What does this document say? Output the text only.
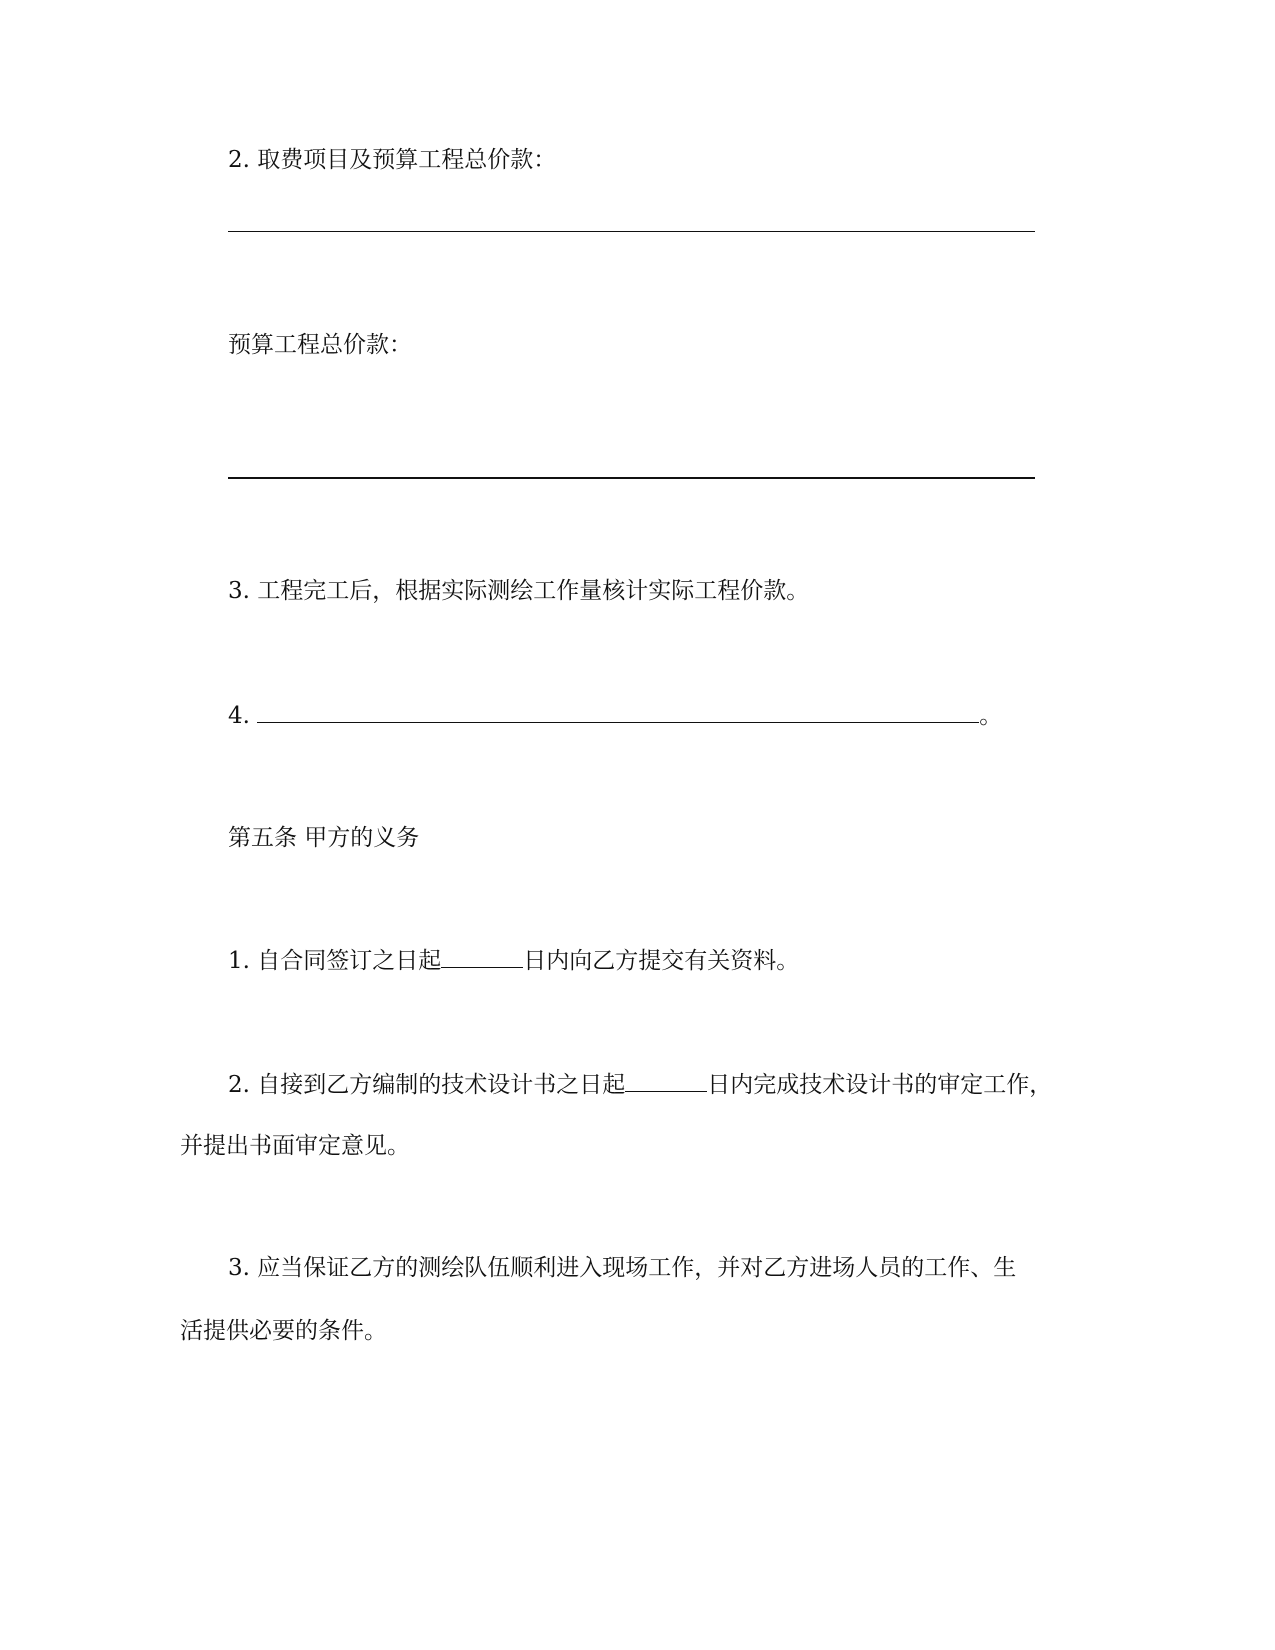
2. 取费项目及预算工程总价款：
预算工程总价款：
3. 工程完工后，根据实际测绘工作量核计实际工程价款。
4.	。
第五条 甲方的义务
1. 自合同签订之日起	日内向乙方提交有关资料。
2. 自接到乙方编制的技术设计书之日起	日内完成技术设计书的审定工作，
并提出书面审定意见。
3. 应当保证乙方的测绘队伍顺利进入现场工作，并对乙方进场人员的工作、生
活提供必要的条件。
